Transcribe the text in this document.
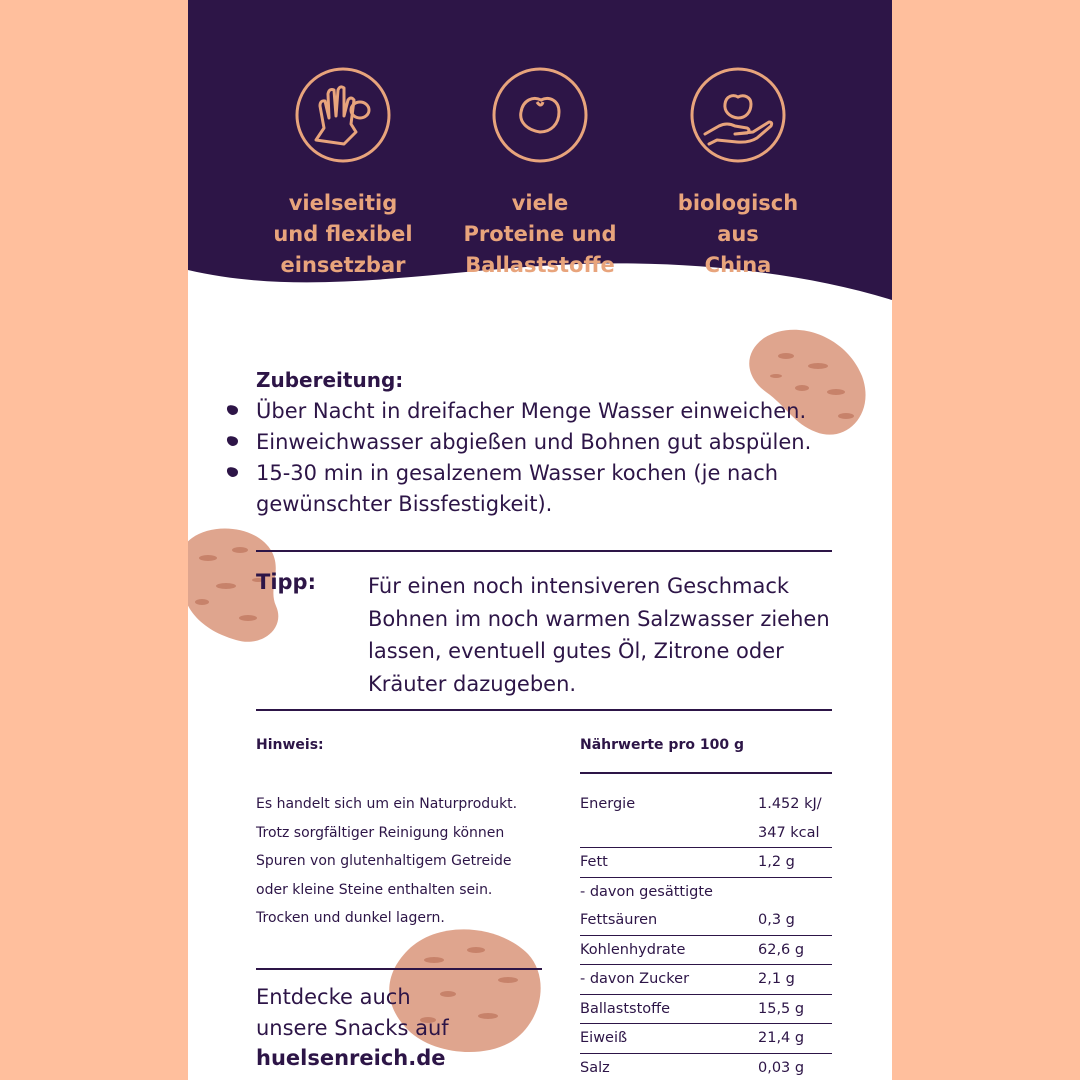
vielseitig
und flexibel
einsetzbar
viele
Proteine und
Ballaststoffe
biologisch
aus
China
Zubereitung:
Über Nacht in dreifacher Menge Wasser einweichen.
Einweichwasser abgießen und Bohnen gut abspülen.
15-30 min in gesalzenem Wasser kochen (je nach gewünschter Bissfestigkeit).
Tipp: Für einen noch intensiveren Geschmack Bohnen im noch warmen Salzwasser ziehen lassen, eventuell gutes Öl, Zitrone oder Kräuter dazugeben.
Hinweis:
Es handelt sich um ein Naturprodukt. Trotz sorgfältiger Reinigung können Spuren von glutenhaltigem Getreide oder kleine Steine enthalten sein. Trocken und dunkel lagern.
Entdecke auch
unsere Snacks auf
huelsenreich.de
Nährwerte pro 100 g
Energie	1.452 kJ/
347 kcal
Fett	1,2 g
- davon gesättigte
Fettsäuren	0,3 g
Kohlenhydrate	62,6 g
- davon Zucker	2,1 g
Ballaststoffe	15,5 g
Eiweiß	21,4 g
Salz	0,03 g
